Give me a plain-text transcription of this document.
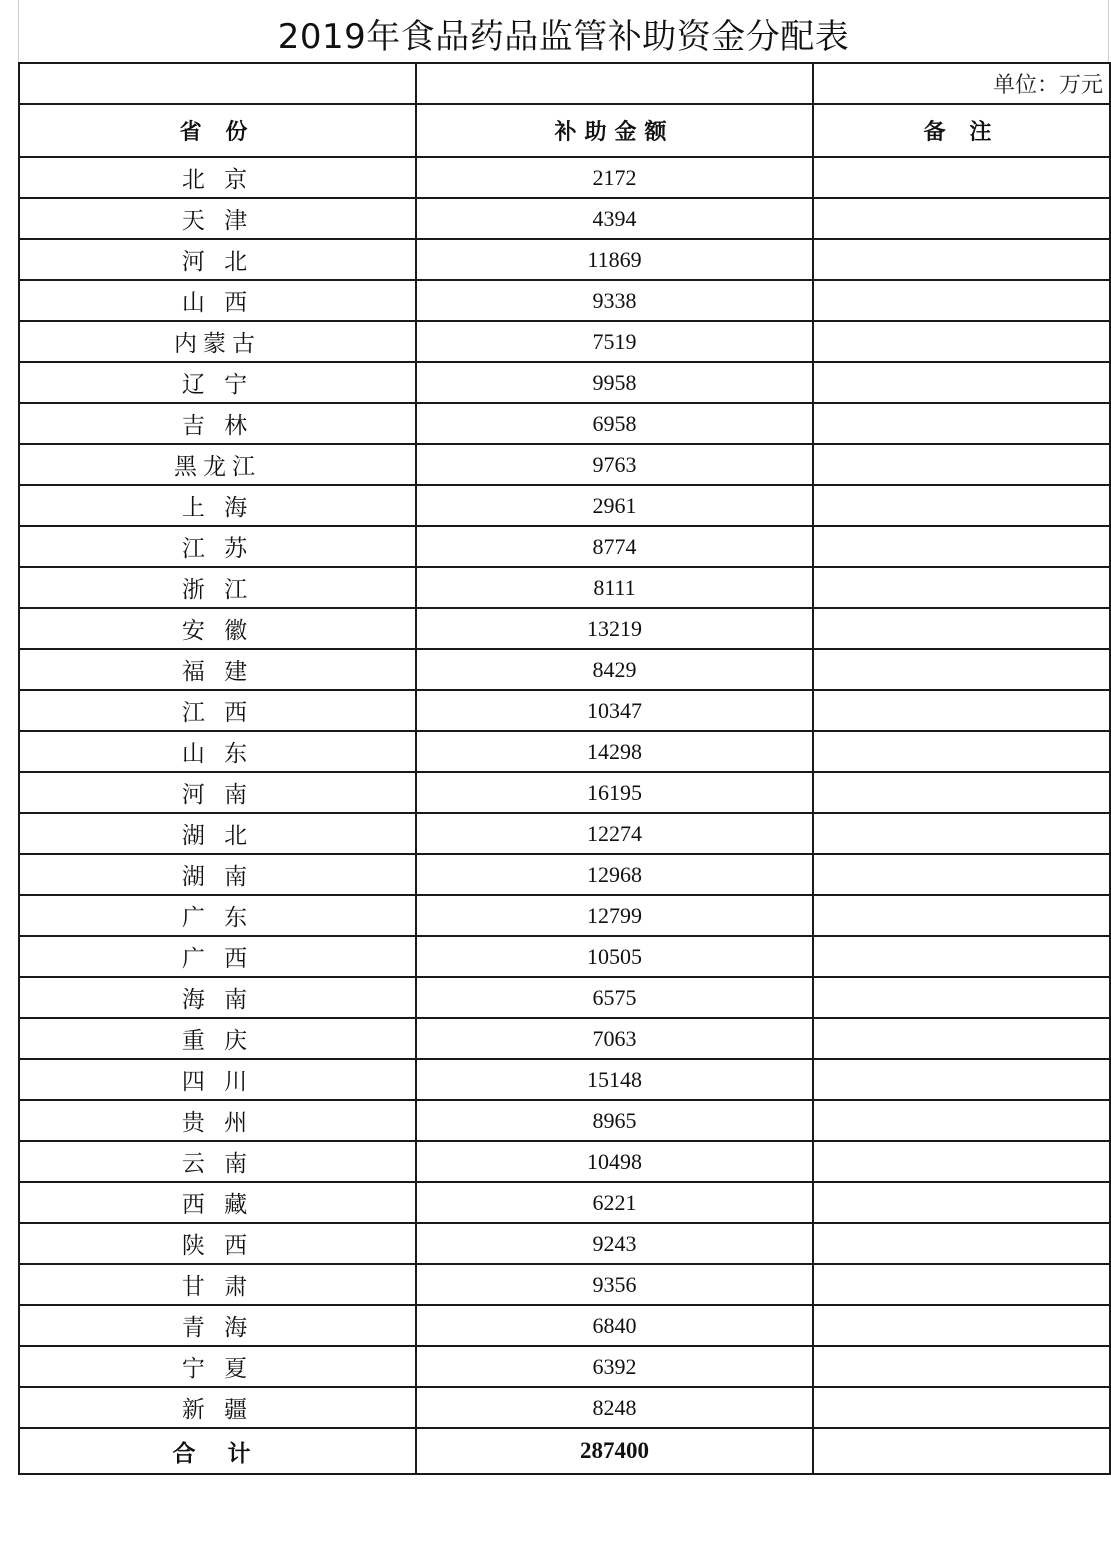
2019年食品药品监管补助资金分配表
		单位：万元
省 份	补助金额	备 注
北 京	2172	
天 津	4394	
河 北	11869	
山 西	9338	
内蒙古	7519	
辽 宁	9958	
吉 林	6958	
黑龙江	9763	
上 海	2961	
江 苏	8774	
浙 江	8111	
安 徽	13219	
福 建	8429	
江 西	10347	
山 东	14298	
河 南	16195	
湖 北	12274	
湖 南	12968	
广 东	12799	
广 西	10505	
海 南	6575	
重 庆	7063	
四 川	15148	
贵 州	8965	
云 南	10498	
西 藏	6221	
陕 西	9243	
甘 肃	9356	
青 海	6840	
宁 夏	6392	
新 疆	8248	
合 计	287400	
